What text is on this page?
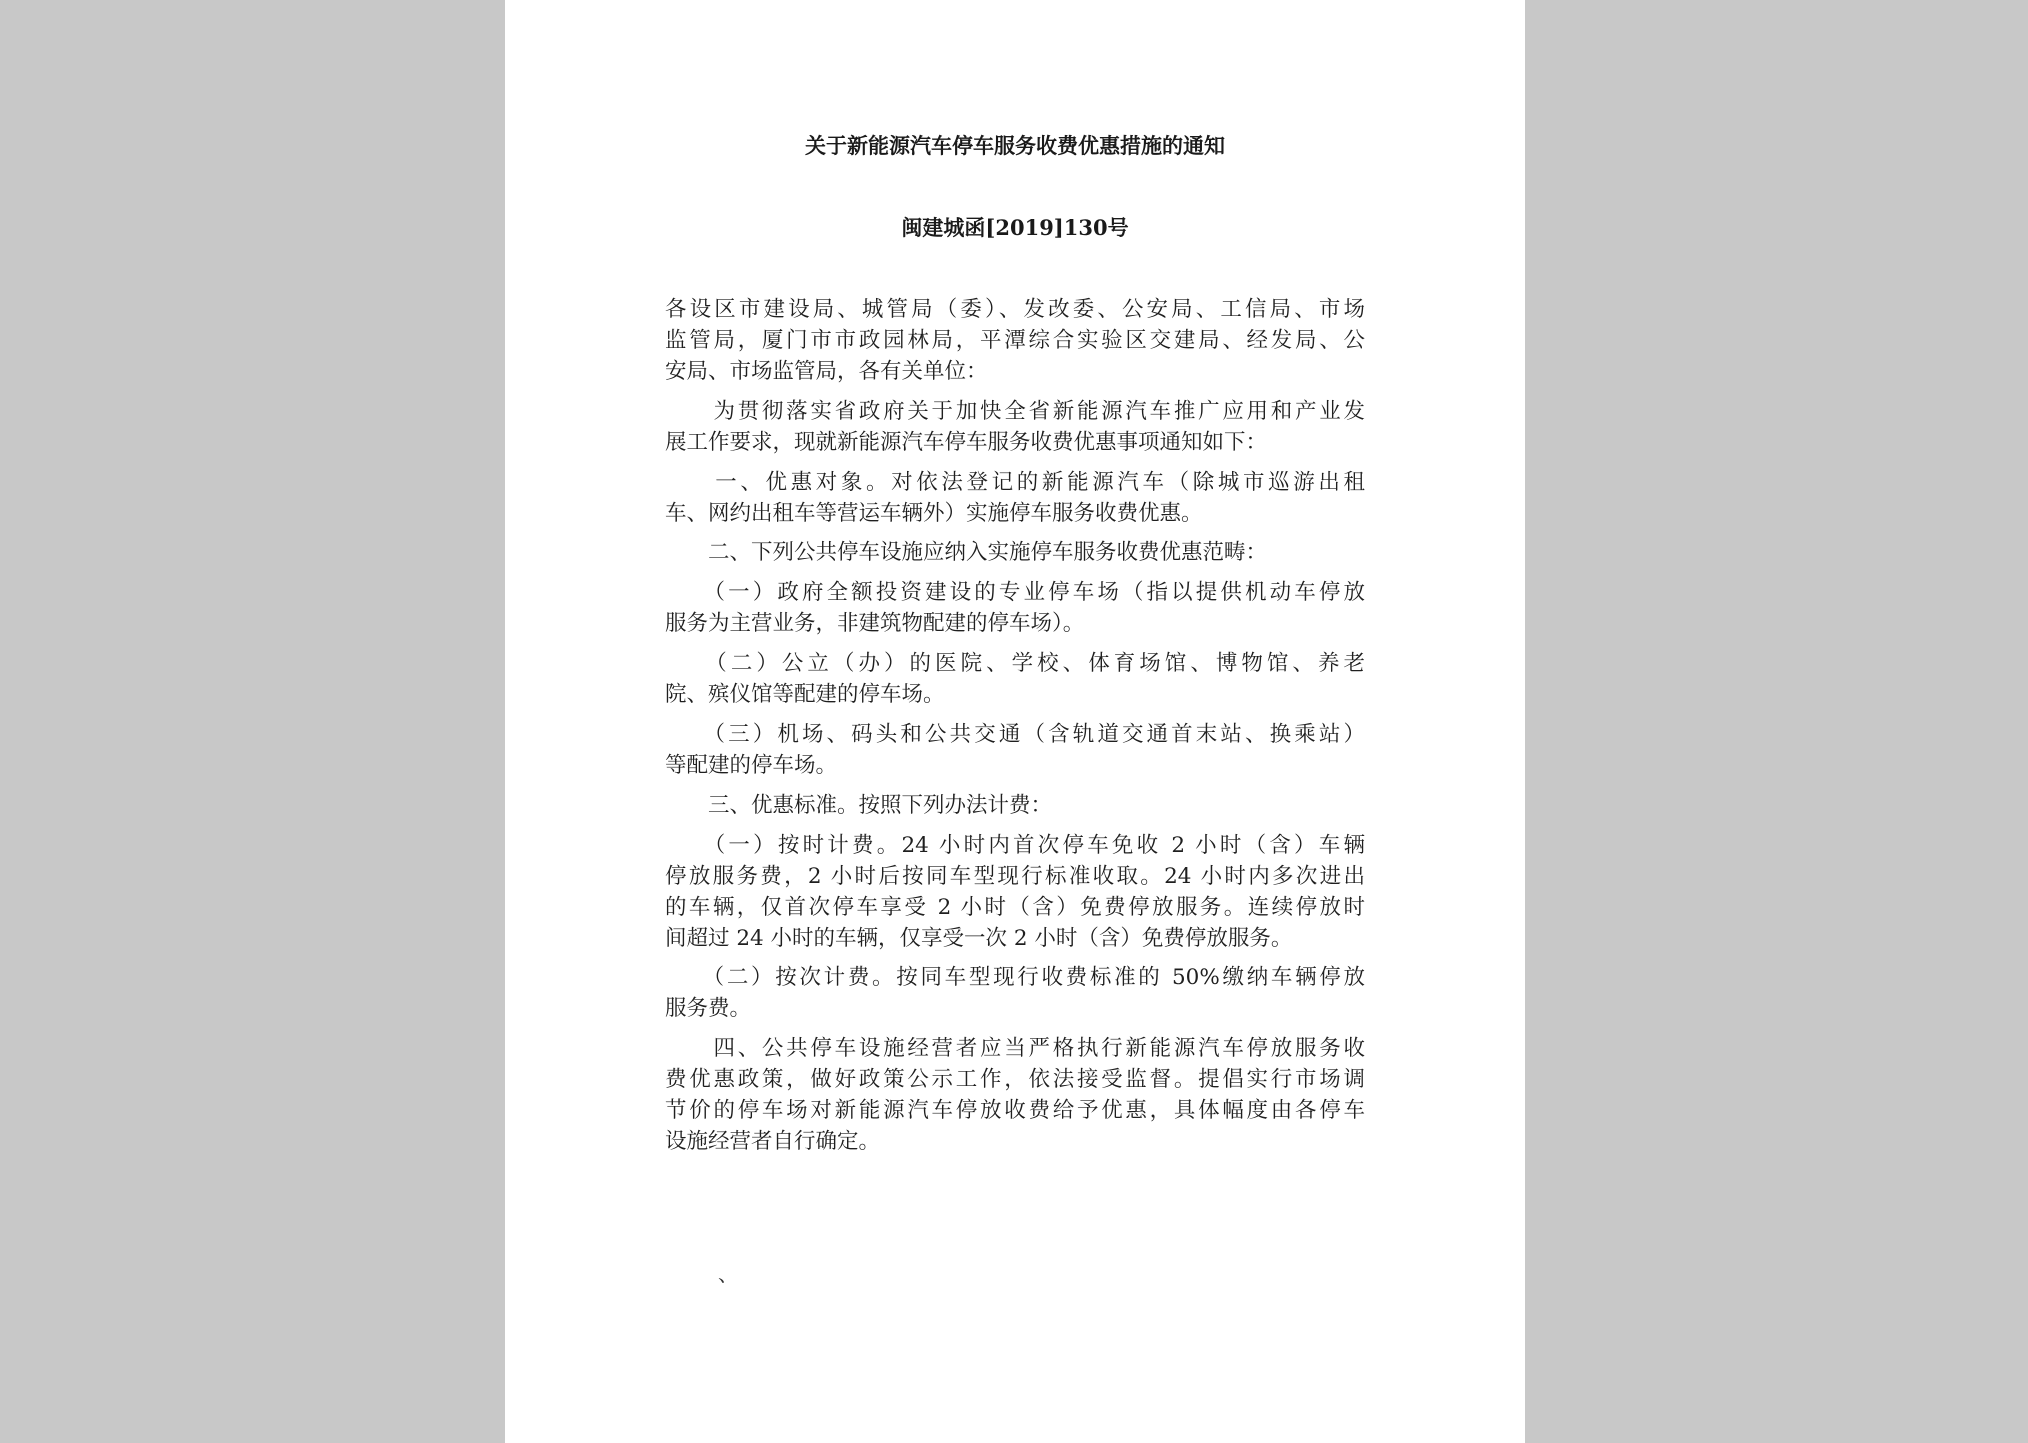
关于新能源汽车停车服务收费优惠措施的通知
闽建城函[2019]130号
各设区市建设局、城管局（委）、发改委、公安局、工信局、市场
监管局，厦门市市政园林局，平潭综合实验区交建局、经发局、公
安局、市场监管局，各有关单位：
　　为贯彻落实省政府关于加快全省新能源汽车推广应用和产业发
展工作要求，现就新能源汽车停车服务收费优惠事项通知如下：
　　一、优惠对象。对依法登记的新能源汽车（除城市巡游出租
车、网约出租车等营运车辆外）实施停车服务收费优惠。
　　二、下列公共停车设施应纳入实施停车服务收费优惠范畴：
　　（一）政府全额投资建设的专业停车场（指以提供机动车停放
服务为主营业务，非建筑物配建的停车场）。
　　（二）公立（办）的医院、学校、体育场馆、博物馆、养老
院、殡仪馆等配建的停车场。
　　（三）机场、码头和公共交通（含轨道交通首末站、换乘站）
等配建的停车场。
　　三、优惠标准。按照下列办法计费：
　　（一）按时计费。24 小时内首次停车免收 2 小时（含）车辆
停放服务费，2 小时后按同车型现行标准收取。24 小时内多次进出
的车辆，仅首次停车享受 2 小时（含）免费停放服务。连续停放时
间超过 24 小时的车辆，仅享受一次 2 小时（含）免费停放服务。
　　（二）按次计费。按同车型现行收费标准的 50%缴纳车辆停放
服务费。
　　四、公共停车设施经营者应当严格执行新能源汽车停放服务收
费优惠政策，做好政策公示工作，依法接受监督。提倡实行市场调
节价的停车场对新能源汽车停放收费给予优惠，具体幅度由各停车
设施经营者自行确定。
、
